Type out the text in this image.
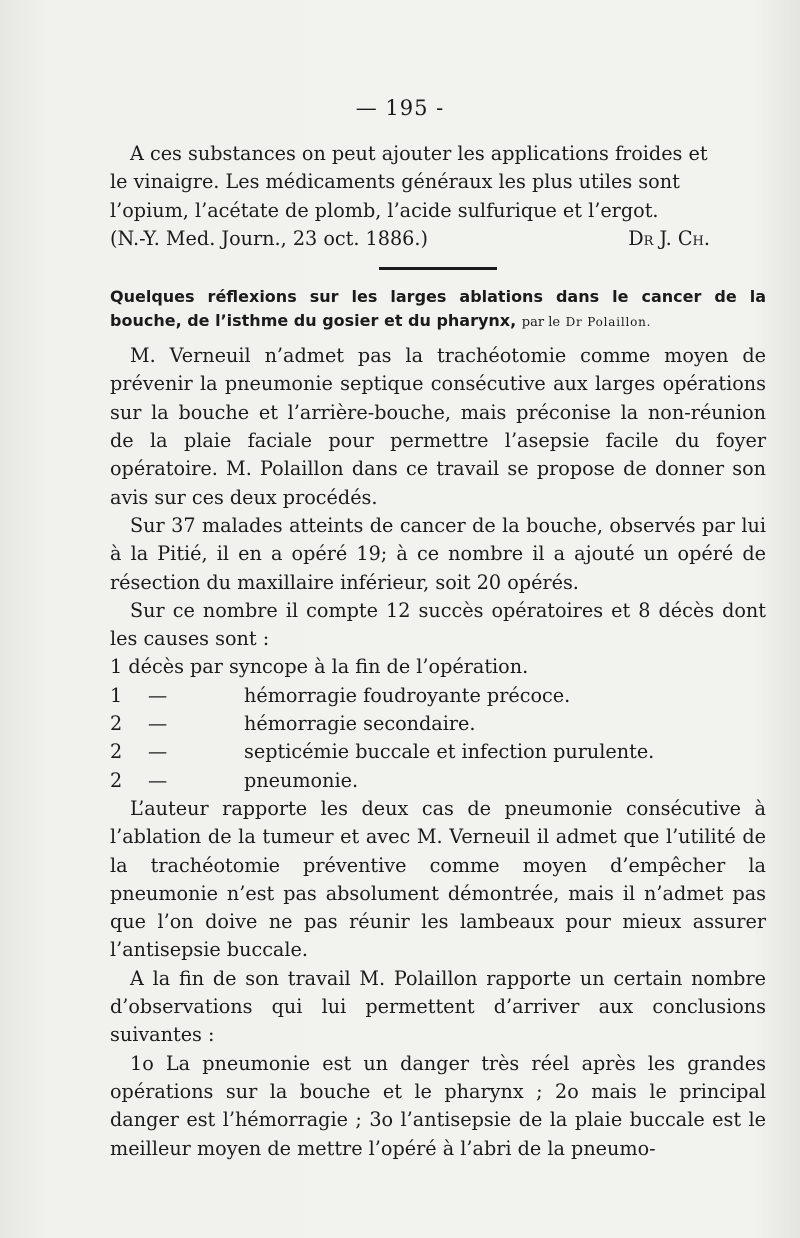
— 195 -

A ces substances on peut ajouter les applications froides et

le vinaigre. Les médicaments généraux les plus utiles sont

l’opium, l’acétate de plomb, l’acide sulfurique et l’ergot.

(N.-Y. Med. Journ., 23 oct. 1886.)	Dr J. Ch.

Quelques réflexions sur les larges ablations dans le cancer de la bouche, de l’isthme du gosier et du pharynx, par le Dr Polaillon.

M. Verneuil n’admet pas la trachéotomie comme moyen de prévenir la pneumonie septique consécutive aux larges opérations sur la bouche et l’arrière-bouche, mais préconise la non-réunion de la plaie faciale pour permettre l’asepsie facile du foyer opératoire. M. Polaillon dans ce travail se propose de donner son avis sur ces deux procédés.

Sur 37 malades atteints de cancer de la bouche, observés par lui à la Pitié, il en a opéré 19; à ce nombre il a ajouté un opéré de résection du maxillaire inférieur, soit 20 opérés.

Sur ce nombre il compte 12 succès opératoires et 8 décès dont les causes sont :

1 décès par syncope à la fin de l’opération.
1	—	hémorragie foudroyante précoce.
2	—	hémorragie secondaire.
2	—	septicémie buccale et infection purulente.
2	—	pneumonie.

L’auteur rapporte les deux cas de pneumonie consécutive à l’ablation de la tumeur et avec M. Verneuil il admet que l’utilité de la trachéotomie préventive comme moyen d’empêcher la pneumonie n’est pas absolument démontrée, mais il n’admet pas que l’on doive ne pas réunir les lambeaux pour mieux assurer l’antisepsie buccale.

A la fin de son travail M. Polaillon rapporte un certain nombre d’observations qui lui permettent d’arriver aux conclusions suivantes :

1o La pneumonie est un danger très réel après les grandes opérations sur la bouche et le pharynx ; 2o mais le principal danger est l’hémorragie ; 3o l’antisepsie de la plaie buccale est le meilleur moyen de mettre l’opéré à l’abri de la pneumo-
